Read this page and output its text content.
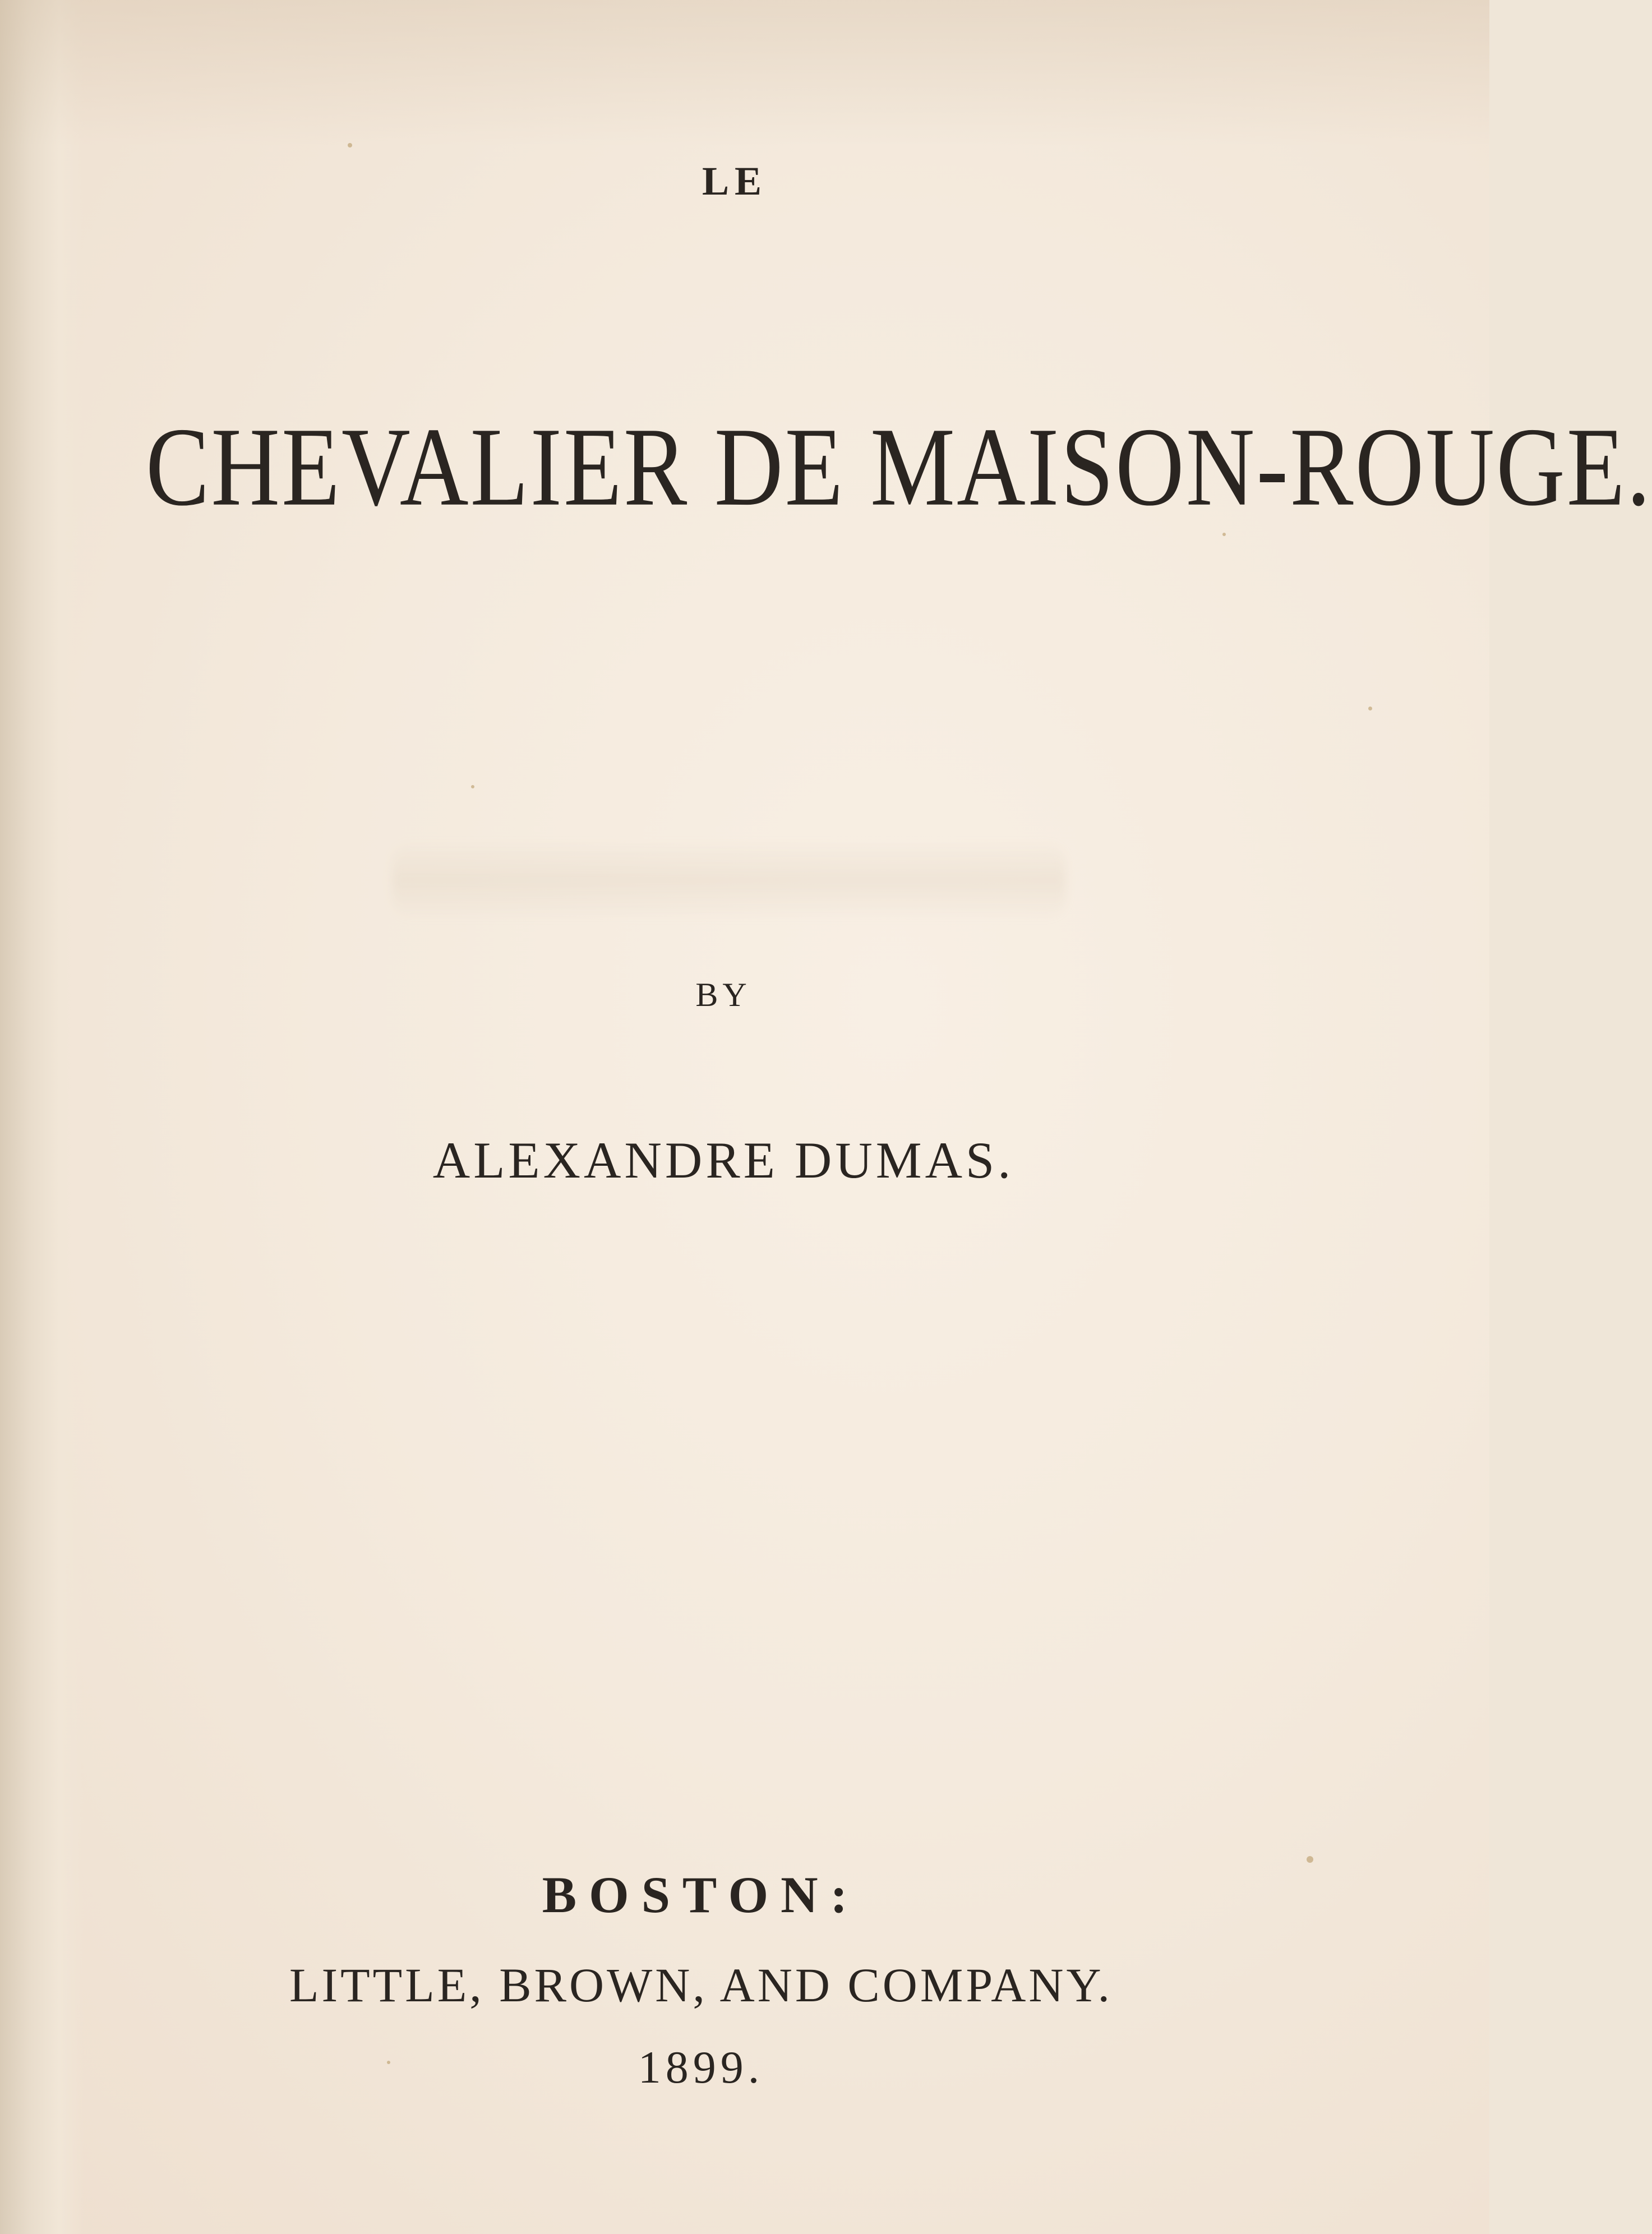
LE
CHEVALIER DE MAISON-ROUGE.
BY
ALEXANDRE DUMAS.
BOSTON:
LITTLE, BROWN, AND COMPANY.
1899.
